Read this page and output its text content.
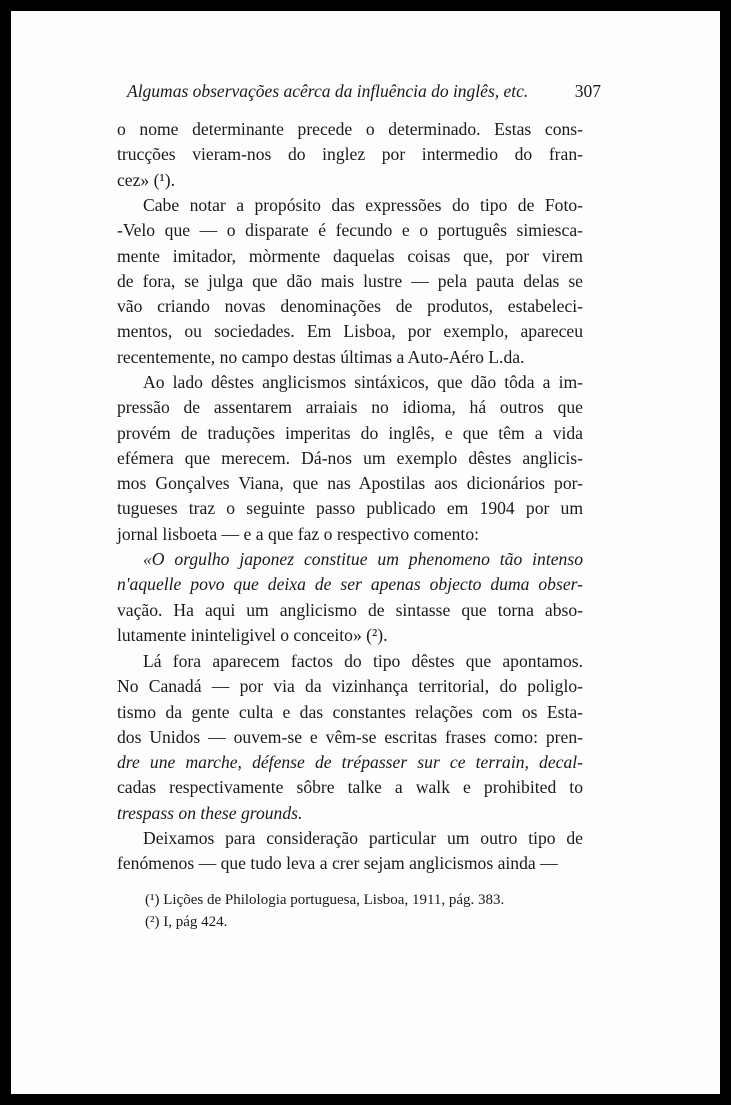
Algumas observações acêrca da influência do inglês, etc.	307
o nome determinante precede o determinado. Estas cons-
trucções vieram-nos do inglez por intermedio do fran-
cez» (¹).
Cabe notar a propósito das expressões do tipo de Foto-
-Velo que — o disparate é fecundo e o português simiesca-
mente imitador, mòrmente daquelas coisas que, por virem
de fora, se julga que dão mais lustre — pela pauta delas se
vão criando novas denominações de produtos, estabeleci-
mentos, ou sociedades. Em Lisboa, por exemplo, apareceu
recentemente, no campo destas últimas a Auto-Aéro L.da.
Ao lado dêstes anglicismos sintáxicos, que dão tôda a im-
pressão de assentarem arraiais no idioma, há outros que
provém de traduções imperitas do inglês, e que têm a vida
efémera que merecem. Dá-nos um exemplo dêstes anglicis-
mos Gonçalves Viana, que nas Apostilas aos dicionários por-
tugueses traz o seguinte passo publicado em 1904 por um
jornal lisboeta — e a que faz o respectivo comento:
«O orgulho japonez constitue um phenomeno tão intenso
n'aquelle povo que deixa de ser apenas objecto duma obser-
vação. Ha aqui um anglicismo de sintasse que torna abso-
lutamente ininteligivel o conceito» (²).
Lá fora aparecem factos do tipo dêstes que apontamos.
No Canadá — por via da vizinhança territorial, do poliglo-
tismo da gente culta e das constantes relações com os Esta-
dos Unidos — ouvem-se e vêm-se escritas frases como: pren-
dre une marche, défense de trépasser sur ce terrain, decal-
cadas respectivamente sôbre talke a walk e prohibited to
trespass on these grounds.
Deixamos para consideração particular um outro tipo de
fenómenos — que tudo leva a crer sejam anglicismos ainda —
(¹) Lições de Philologia portuguesa, Lisboa, 1911, pág. 383.
(²) I, pág 424.
